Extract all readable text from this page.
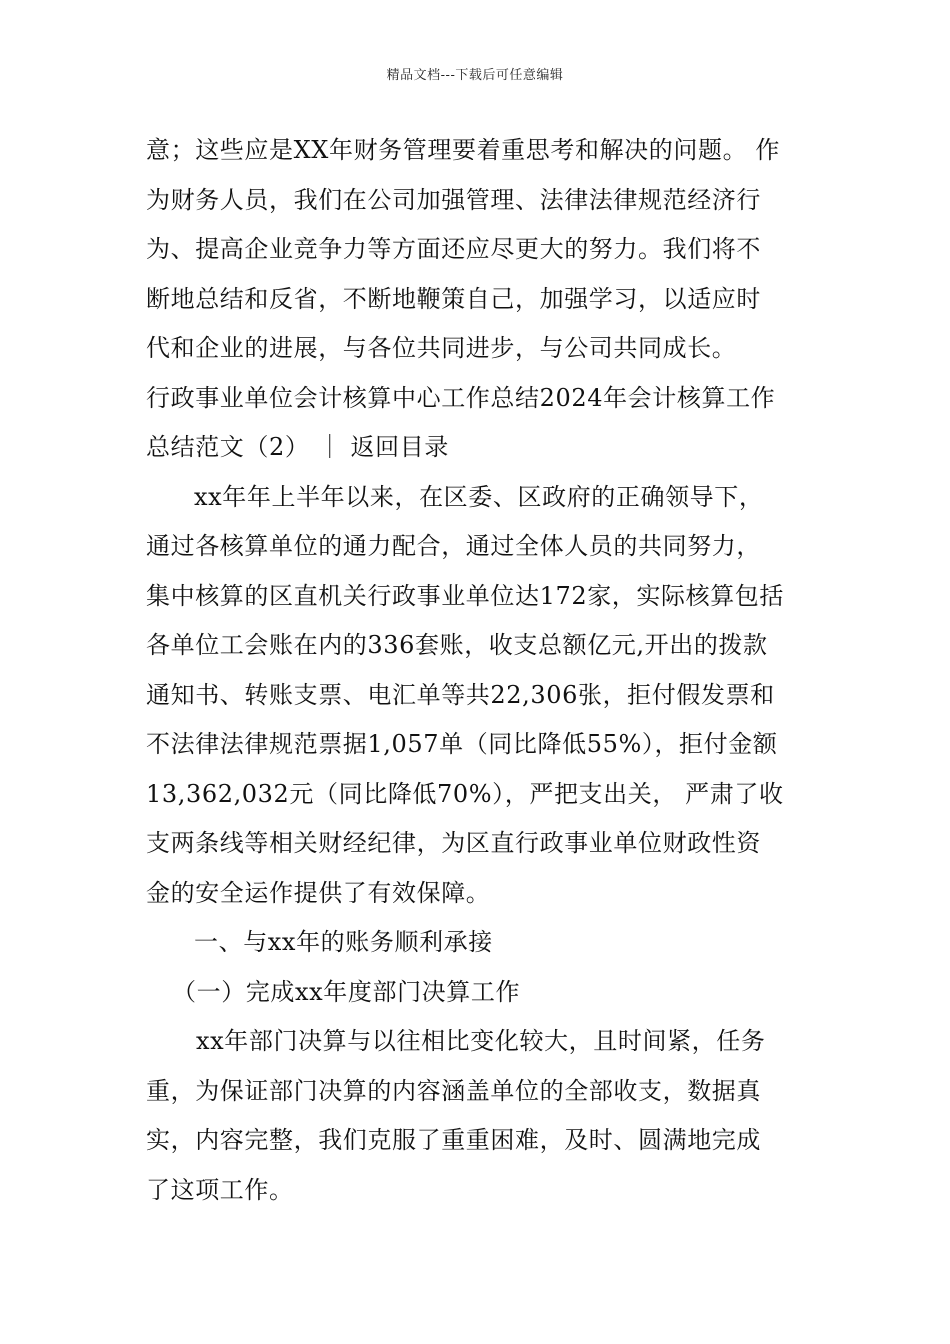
精品文档---下载后可任意编辑
意；这些应是XX年财务管理要着重思考和解决的问题。 作
为财务人员，我们在公司加强管理、法律法律规范经济行
为、提高企业竞争力等方面还应尽更大的努力。我们将不
断地总结和反省，不断地鞭策自己，加强学习，以适应时
代和企业的进展，与各位共同进步，与公司共同成长。
行政事业单位会计核算中心工作总结2024年会计核算工作
总结范文（2） ｜ 返回目录
xx年年上半年以来，在区委、区政府的正确领导下，
通过各核算单位的通力配合，通过全体人员的共同努力，
集中核算的区直机关行政事业单位达172家，实际核算包括
各单位工会账在内的336套账，收支总额亿元,开出的拨款
通知书、转账支票、电汇单等共22,306张，拒付假发票和
不法律法律规范票据1,057单（同比降低55%），拒付金额
13,362,032元（同比降低70%），严把支出关， 严肃了收
支两条线等相关财经纪律，为区直行政事业单位财政性资
金的安全运作提供了有效保障。
一、与xx年的账务顺利承接
（一）完成xx年度部门决算工作
xx年部门决算与以往相比变化较大，且时间紧，任务
重，为保证部门决算的内容涵盖单位的全部收支，数据真
实，内容完整，我们克服了重重困难，及时、圆满地完成
了这项工作。
